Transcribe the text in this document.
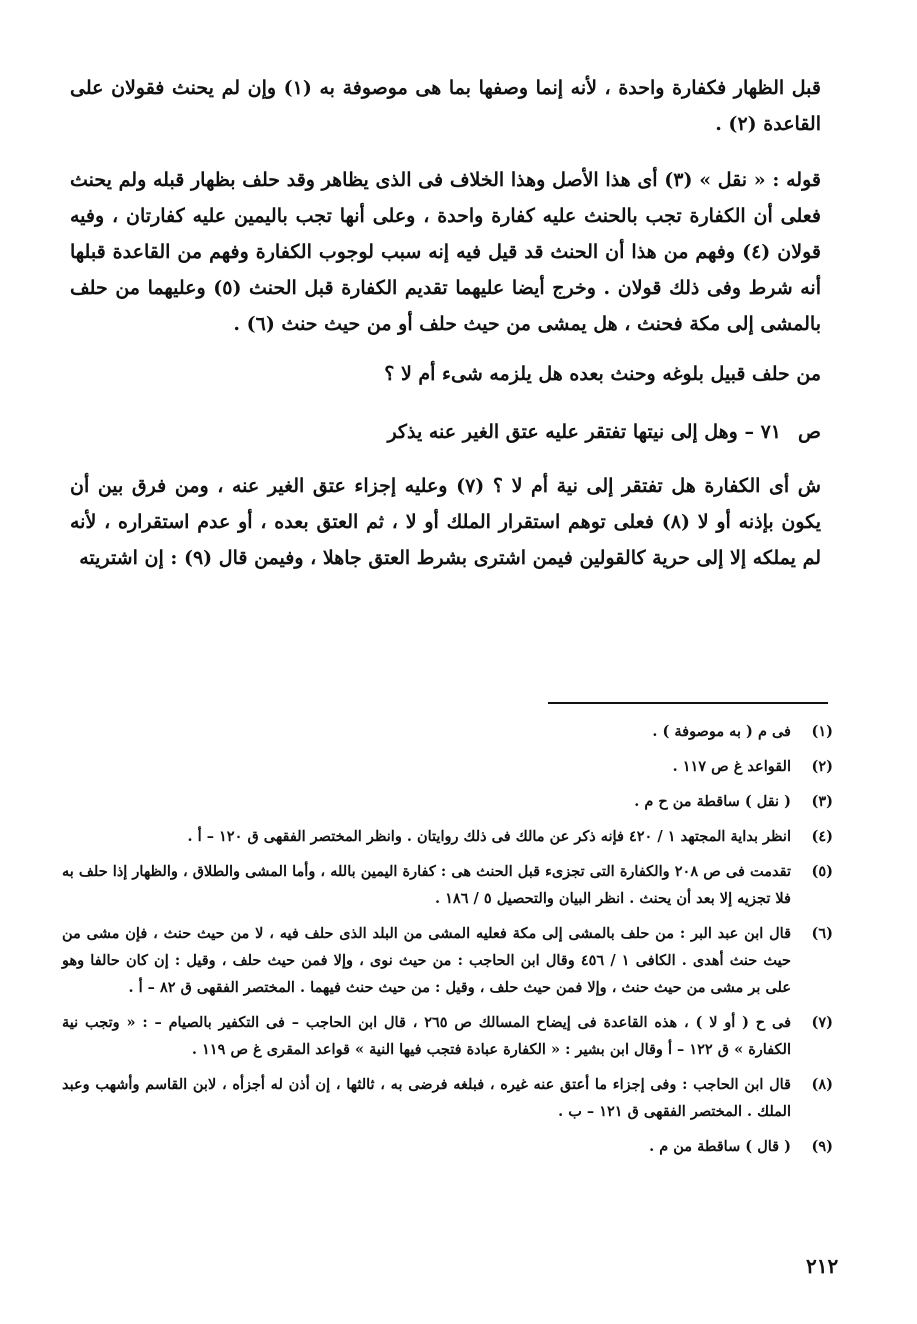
قبل الظهار فكفارة واحدة ، لأنه إنما وصفها بما هى موصوفة به (١) وإن لم يحنث فقولان على القاعدة (٢) .

قوله : « نقل » (٣) أى هذا الأصل وهذا الخلاف فى الذى يظاهر وقد حلف بظهار قبله ولم يحنث فعلى أن الكفارة تجب بالحنث عليه كفارة واحدة ، وعلى أنها تجب باليمين عليه كفارتان ، وفيه قولان (٤) وفهم من هذا أن الحنث قد قيل فيه إنه سبب لوجوب الكفارة وفهم من القاعدة قبلها أنه شرط وفى ذلك قولان . وخرج أيضا عليهما تقديم الكفارة قبل الحنث (٥) وعليهما من حلف بالمشى إلى مكة فحنث ، هل يمشى من حيث حلف أو من حيث حنث (٦) .

من حلف قبيل بلوغه وحنث بعده هل يلزمه شىء أم لا ؟

ص
٧١ – وهل إلى نيتها تفتقر عليه عتق الغير عنه يذكر

ش أى الكفارة هل تفتقر إلى نية أم لا ؟ (٧) وعليه إجزاء عتق الغير عنه ، ومن فرق بين أن يكون بإذنه أو لا (٨) فعلى توهم استقرار الملك أو لا ، ثم العتق بعده ، أو عدم استقراره ، لأنه لم يملكه إلا إلى حرية كالقولين فيمن اشترى بشرط العتق جاهلا ، وفيمن قال (٩) : إن اشتريته

(١)
فى م ( به موصوفة ) .
(٢)
القواعد غ ص ١١٧ .
(٣)
( نقل ) ساقطة من ح م .
(٤)
انظر بداية المجتهد ١ / ٤٢٠ فإنه ذكر عن مالك فى ذلك روايتان . وانظر المختصر الفقهى ق ١٢٠ – أ .
(٥)
تقدمت فى ص ٢٠٨ والكفارة التى تجزىء قبل الحنث هى : كفارة اليمين بالله ، وأما المشى والطلاق ، والظهار إذا حلف به فلا تجزيه إلا بعد أن يحنث . انظر البيان والتحصيل ٥ / ١٨٦ .
(٦)
قال ابن عبد البر : من حلف بالمشى إلى مكة فعليه المشى من البلد الذى حلف فيه ، لا من حيث حنث ، فإن مشى من حيث حنث أهدى . الكافى ١ / ٤٥٦ وقال ابن الحاجب : من حيث نوى ، وإلا فمن حيث حلف ، وقيل : إن كان حالفا وهو على بر مشى من حيث حنث ، وإلا فمن حيث حلف ، وقيل : من حيث حنث فيهما . المختصر الفقهى ق ٨٢ – أ .
(٧)
فى ح ( أو لا ) ، هذه القاعدة فى إيضاح المسالك ص ٢٦٥ ، قال ابن الحاجب – فى التكفير بالصيام – : « وتجب نية الكفارة » ق ١٢٢ – أ وقال ابن بشير : « الكفارة عبادة فتجب فيها النية » قواعد المقرى غ ص ١١٩ .
(٨)
قال ابن الحاجب : وفى إجزاء ما أعتق عنه غيره ، فبلغه فرضى به ، ثالثها ، إن أذن له أجزأه ، لابن القاسم وأشهب وعبد الملك . المختصر الفقهى ق ١٢١ – ب .
(٩)
( قال ) ساقطة من م .
٢١٢
